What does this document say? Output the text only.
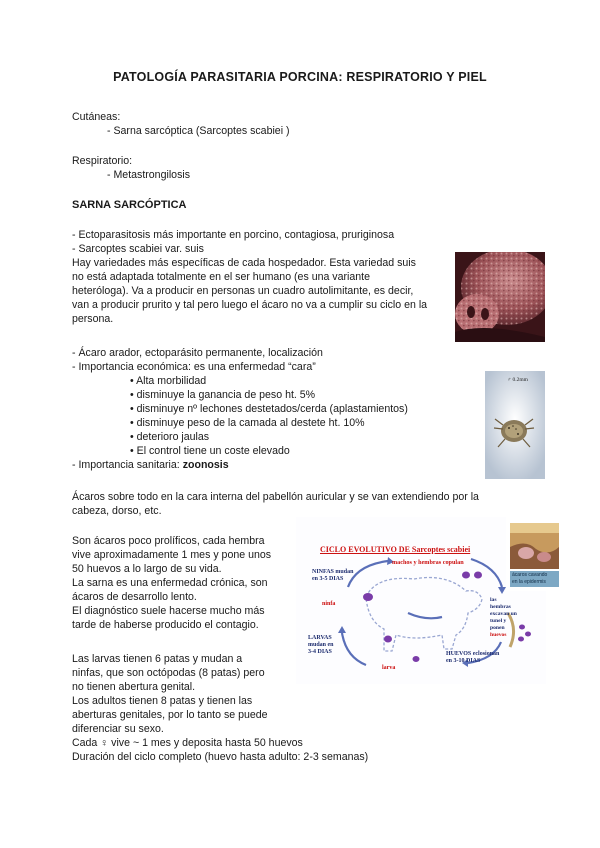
PATOLOGÍA PARASITARIA PORCINA: RESPIRATORIO Y PIEL
Cutáneas:
- Sarna sarcóptica (Sarcoptes scabiei )
Respiratorio:
- Metastrongilosis
SARNA SARCÓPTICA
- Ectoparasitosis más importante en porcino, contagiosa, pruriginosa
- Sarcoptes scabiei var. suis
Hay variedades más específicas de cada hospedador. Esta variedad suis
no está adaptada totalmente en el ser humano (es una variante
heteróloga). Va a producir en personas un cuadro autolimitante, es decir,
van a producir prurito y tal pero luego el ácaro no va a cumplir su ciclo en la
persona.
- Ácaro arador, ectoparásito permanente, localización
- Importancia económica: es una enfermedad “cara”
• Alta morbilidad
• disminuye la ganancia de peso ht. 5%
• disminuye nº lechones destetados/cerda (aplastamientos)
• disminuye peso de la camada al destete ht. 10%
• deterioro jaulas
• El control tiene un coste elevado
- Importancia sanitaria: zoonosis
♂ 0.2mm
Ácaros sobre todo en la cara interna del pabellón auricular y se van extendiendo por la
cabeza, dorso, etc.
Son ácaros poco prolíficos, cada hembra
vive aproximadamente 1 mes y pone unos
50 huevos a lo largo de su vida.
La sarna es una enfermedad crónica, son
ácaros de desarrollo lento.
El diagnóstico suele hacerse mucho más
tarde de haberse producido el contagio.
Las larvas tienen 6 patas y mudan a
ninfas, que son octópodas (8 patas) pero
no tienen abertura genital.
Los adultos tienen 8 patas y tienen las
aberturas genitales, por lo tanto se puede
diferenciar su sexo.
Cada ♀ vive ~ 1 mes y deposita hasta 50 huevos
Duración del ciclo completo (huevo hasta adulto: 2-3 semanas)
CICLO EVOLUTIVO DE Sarcoptes scabiei
machos y hembras copulan
NINFAS mudan
en 3-5 DIAS
ninfa
LARVAS
mudan en
3-4 DIAS
larva
las
hembras
excavan un
tunel y
ponen
huevos
HUEVOS eclosionan
en 3-10 DIAS
ácaros cavando
en la epidermis
